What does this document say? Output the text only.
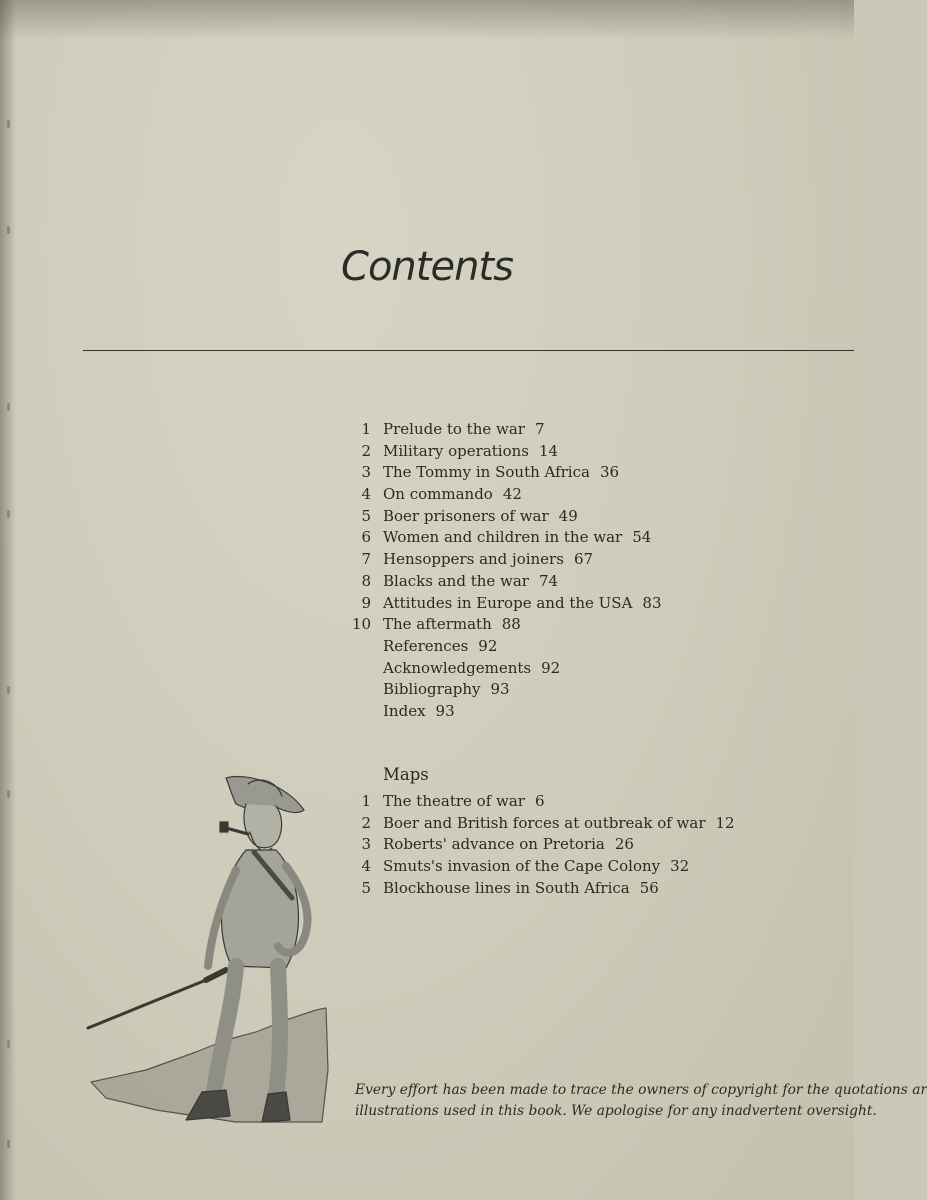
Contents
1 Prelude to the war 7
2 Military operations 14
3 The Tommy in South Africa 36
4 On commando 42
5 Boer prisoners of war 49
6 Women and children in the war 54
7 Hensoppers and joiners 67
8 Blacks and the war 74
9 Attitudes in Europe and the USA 83
10 The aftermath 88
References 92
Acknowledgements 92
Bibliography 93
Index 93
Maps
1 The theatre of war 6
2 Boer and British forces at outbreak of war 12
3 Roberts' advance on Pretoria 26
4 Smuts's invasion of the Cape Colony 32
5 Blockhouse lines in South Africa 56
Every effort has been made to trace the owners of copyright for the quotations ar
illustrations used in this book. We apologise for any inadvertent oversight.
